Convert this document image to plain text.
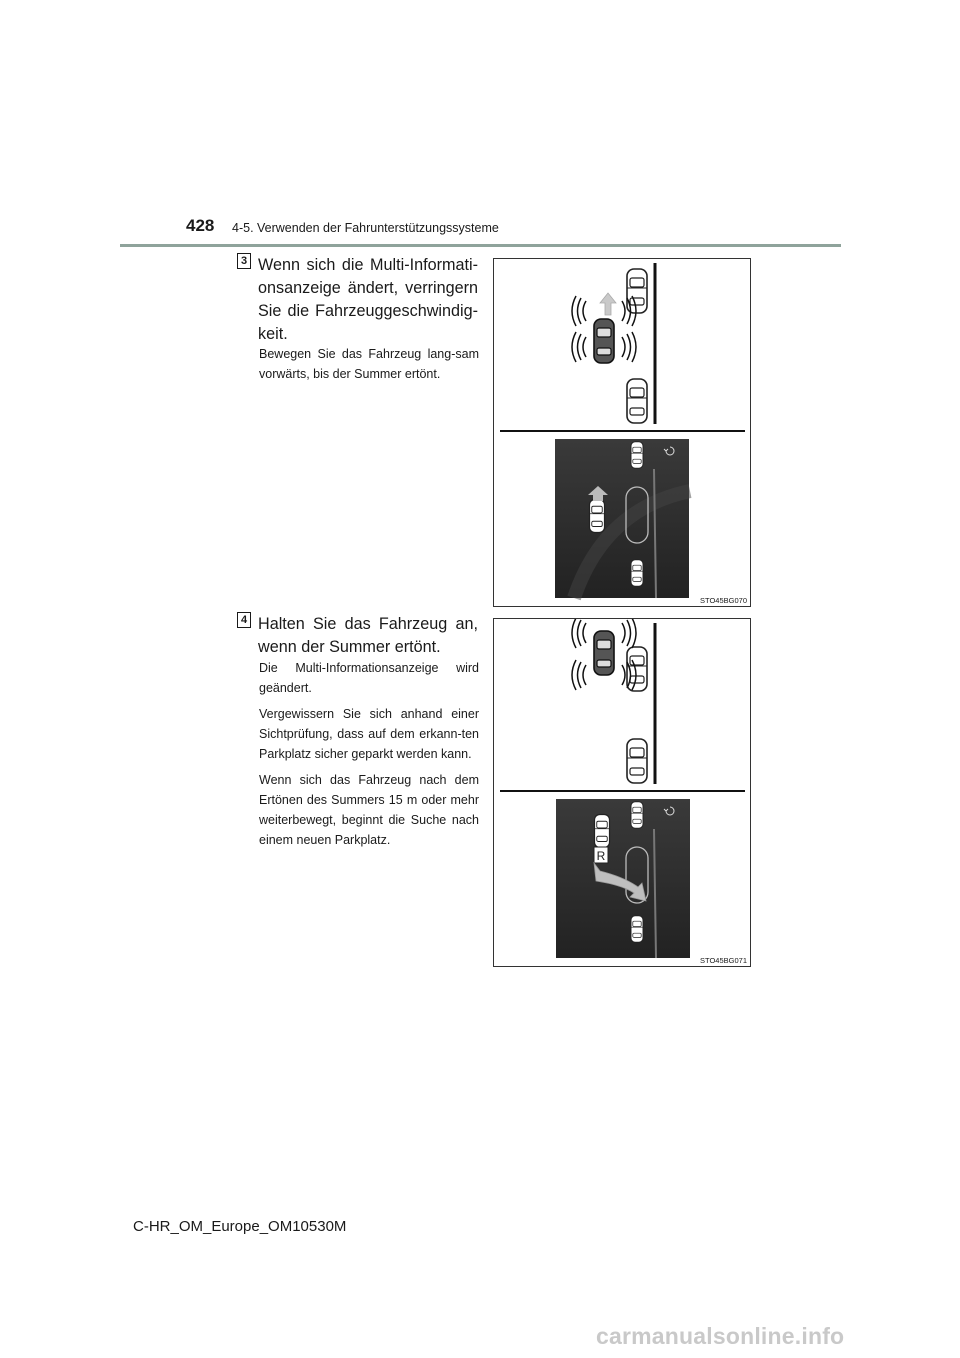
428 4-5. Verwenden der Fahrunterstützungssysteme
3 Wenn sich die Multi-Informati-onsanzeige ändert, verringern Sie die Fahrzeuggeschwindig-keit.

Bewegen Sie das Fahrzeug lang-sam vorwärts, bis der Summer ertönt.

STO45BG070
4 Halten Sie das Fahrzeug an, wenn der Summer ertönt.

Die Multi-Informationsanzeige wird geändert.

Vergewissern Sie sich anhand einer Sichtprüfung, dass auf dem erkann-ten Parkplatz sicher geparkt werden kann.

Wenn sich das Fahrzeug nach dem Ertönen des Summers 15 m oder mehr weiterbewegt, beginnt die Suche nach einem neuen Parkplatz.

R
STO45BG071
C-HR_OM_Europe_OM10530M
carmanualsonline.info
